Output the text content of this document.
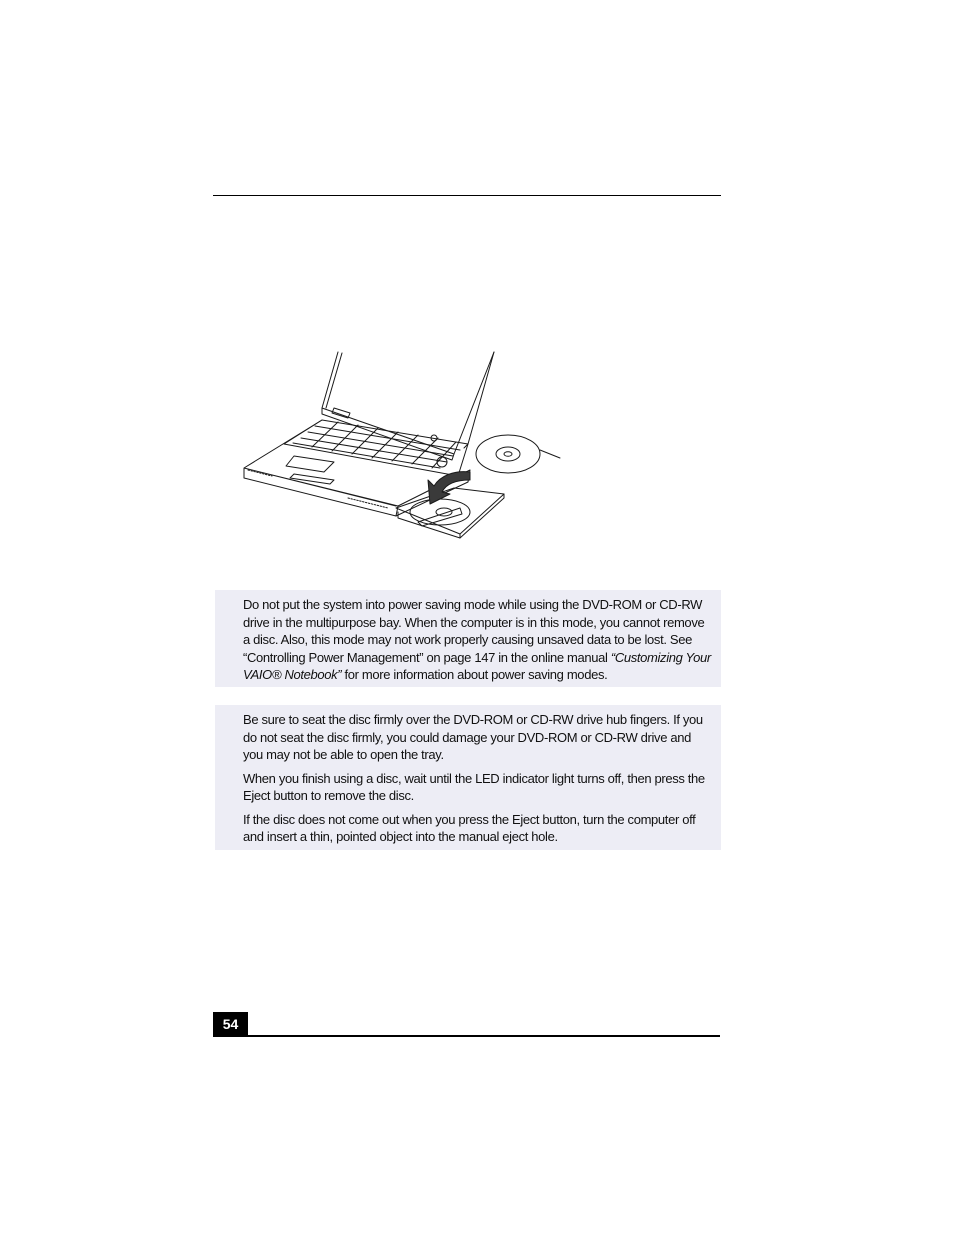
Do not put the system into power saving mode while using the DVD-ROM or CD-RW drive in the multipurpose bay. When the computer is in this mode, you cannot remove a disc. Also, this mode may not work properly causing unsaved data to be lost. See “Controlling Power Management” on page 147 in the online manual “Customizing Your VAIO® Notebook” for more information about power saving modes.

Be sure to seat the disc firmly over the DVD-ROM or CD-RW drive hub fingers. If you do not seat the disc firmly, you could damage your DVD-ROM or CD-RW drive and you may not be able to open the tray.

When you finish using a disc, wait until the LED indicator light turns off, then press the Eject button to remove the disc.

If the disc does not come out when you press the Eject button, turn the computer off and insert a thin, pointed object into the manual eject hole.

54
